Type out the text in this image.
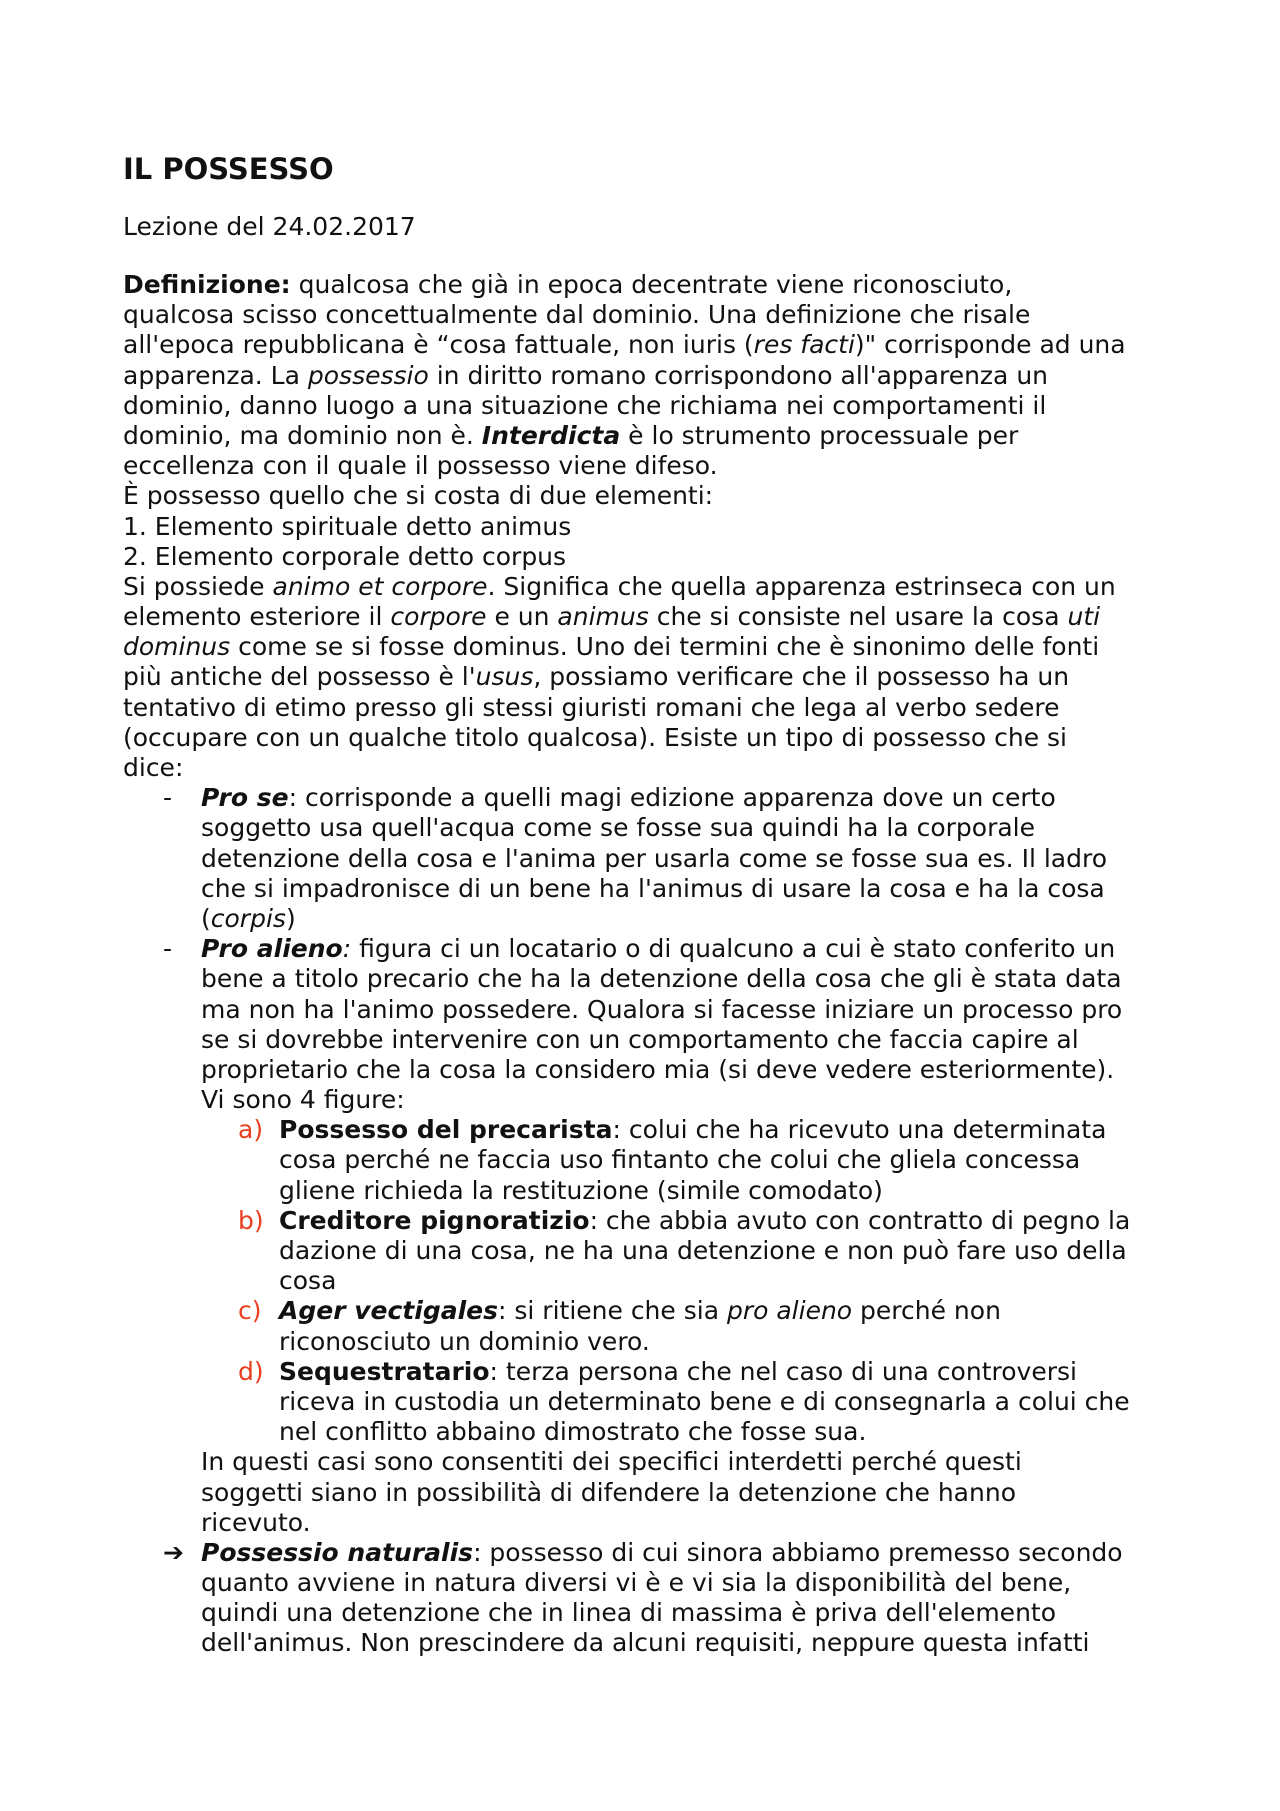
IL POSSESSO
Lezione del 24.02.2017
Definizione: qualcosa che già in epoca decentrate viene riconosciuto,
qualcosa scisso concettualmente dal dominio. Una definizione che risale
all'epoca repubblicana è “cosa fattuale, non iuris (res facti)" corrisponde ad una
apparenza. La possessio in diritto romano corrispondono all'apparenza un
dominio, danno luogo a una situazione che richiama nei comportamenti il
dominio, ma dominio non è. Interdicta è lo strumento processuale per
eccellenza con il quale il possesso viene difeso.
È possesso quello che si costa di due elementi:
1. Elemento spirituale detto animus
2. Elemento corporale detto corpus
Si possiede animo et corpore. Significa che quella apparenza estrinseca con un
elemento esteriore il corpore e un animus che si consiste nel usare la cosa uti
dominus come se si fosse dominus. Uno dei termini che è sinonimo delle fonti
più antiche del possesso è l'usus, possiamo verificare che il possesso ha un
tentativo di etimo presso gli stessi giuristi romani che lega al verbo sedere
(occupare con un qualche titolo qualcosa). Esiste un tipo di possesso che si
dice:
- Pro se: corrisponde a quelli magi edizione apparenza dove un certo
soggetto usa quell'acqua come se fosse sua quindi ha la corporale
detenzione della cosa e l'anima per usarla come se fosse sua es. Il ladro
che si impadronisce di un bene ha l'animus di usare la cosa e ha la cosa
(corpis)
- Pro alieno: figura ci un locatario o di qualcuno a cui è stato conferito un
bene a titolo precario che ha la detenzione della cosa che gli è stata data
ma non ha l'animo possedere. Qualora si facesse iniziare un processo pro
se si dovrebbe intervenire con un comportamento che faccia capire al
proprietario che la cosa la considero mia (si deve vedere esteriormente).
Vi sono 4 figure:
a) Possesso del precarista: colui che ha ricevuto una determinata
cosa perché ne faccia uso fintanto che colui che gliela concessa
gliene richieda la restituzione (simile comodato)
b) Creditore pignoratizio: che abbia avuto con contratto di pegno la
dazione di una cosa, ne ha una detenzione e non può fare uso della
cosa
c) Ager vectigales: si ritiene che sia pro alieno perché non
riconosciuto un dominio vero.
d) Sequestratario: terza persona che nel caso di una controversi
riceva in custodia un determinato bene e di consegnarla a colui che
nel conflitto abbaino dimostrato che fosse sua.
In questi casi sono consentiti dei specifici interdetti perché questi
soggetti siano in possibilità di difendere la detenzione che hanno
ricevuto.
➔ Possessio naturalis: possesso di cui sinora abbiamo premesso secondo
quanto avviene in natura diversi vi è e vi sia la disponibilità del bene,
quindi una detenzione che in linea di massima è priva dell'elemento
dell'animus. Non prescindere da alcuni requisiti, neppure questa infatti
